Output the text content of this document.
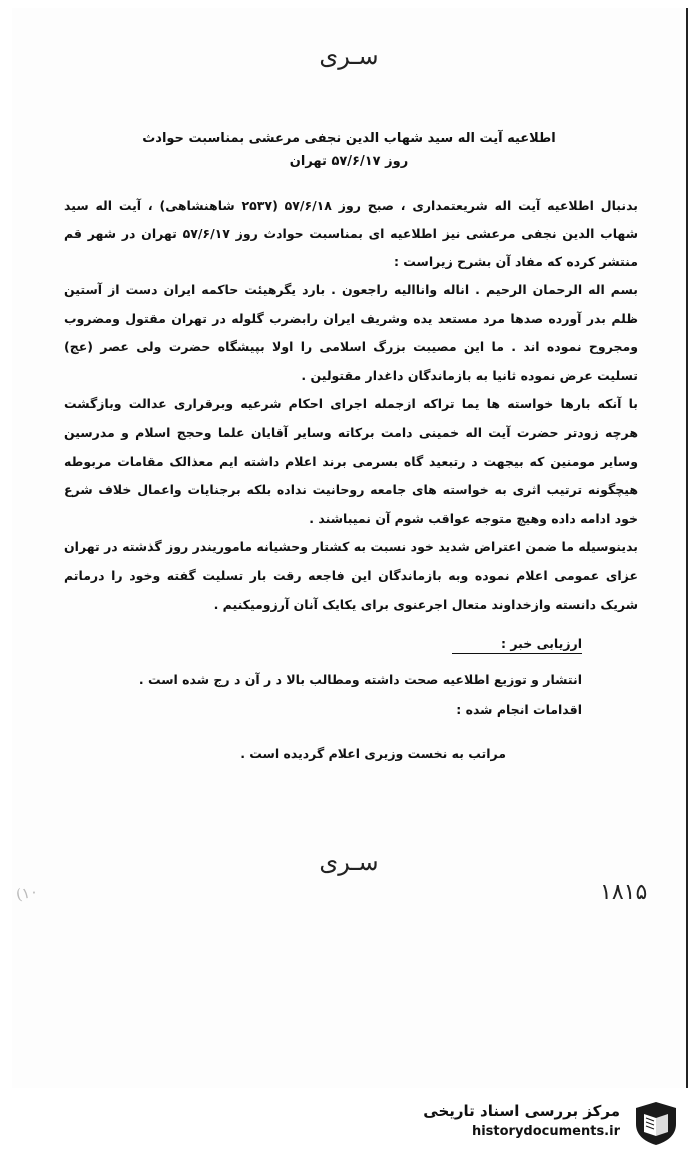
سـری
اطلاعیه آیت اله سید شهاب الدین نجفی مرعشی بمناسبت حوادث
روز ۵۷/۶/۱۷ تهران
بدنبال اطلاعیه آیت اله شریعتمداری ، صبح روز ۵۷/۶/۱۸ (۲۵۳۷ شاهنشاهی) ، آیت اله سید شهاب الدین نجفی مرعشی نیز اطلاعیه ای بمناسبت حوادث روز ۵۷/۶/۱۷ تهران در شهر قم منتشر کرده که مفاد آن بشرح زیراست :

بسم اله الرحمان الرحیم . اناله واناالیه راجعون . بارد یگرهیئت حاکمه ایران دست از آستین ظلم بدر آورده صدها مرد مستعد یده وشریف ایران رابضرب گلوله در تهران مقتول ومضروب ومجروح نموده اند . ما این مصیبت بزرگ اسلامی را اولا بپیشگاه حضرت ولی عصر (عج) تسلیت عرض نموده ثانیا به بازماندگان داغدار مقتولین .

با آنکه بارها خواسته ها یما تراکه ازجمله اجرای احکام شرعیه وبرقراری عدالت وبازگشت هرچه زودتر حضرت آیت اله خمینی دامت برکاته وسایر آقایان علما وحجج اسلام و مدرسین وسایر مومنین که بیجهت د رتبعید گاه بسرمی برند اعلام داشته ایم معذالک مقامات مربوطه هیچگونه ترتیب اثری به خواسته های جامعه روحانیت نداده بلکه برجنایات واعمال خلاف شرع خود ادامه داده وهیچ متوجه عواقب شوم آن نمیباشند .

بدینوسیله ما ضمن اعتراض شدید خود نسبت به کشتار وحشیانه ماموریندر روز گذشته در تهران عزای عمومی اعلام نموده وبه بازماندگان این فاجعه رقت بار تسلیت گفته وخود را درماتم شریک دانسته وازخداوند متعال اجرعنوی برای یکایک آنان آرزومیکنیم .

ارزیابی خبر :
انتشار و توزیع اطلاعیه صحت داشته ومطالب بالا د ر آن د رج شده است .
اقدامات انجام شده :
مراتب به نخست وزیری اعلام گردیده است .
سـری
۱۸۱۵
(۱۰
مرکز بررسی اسناد تاریخی
historydocuments.ir
